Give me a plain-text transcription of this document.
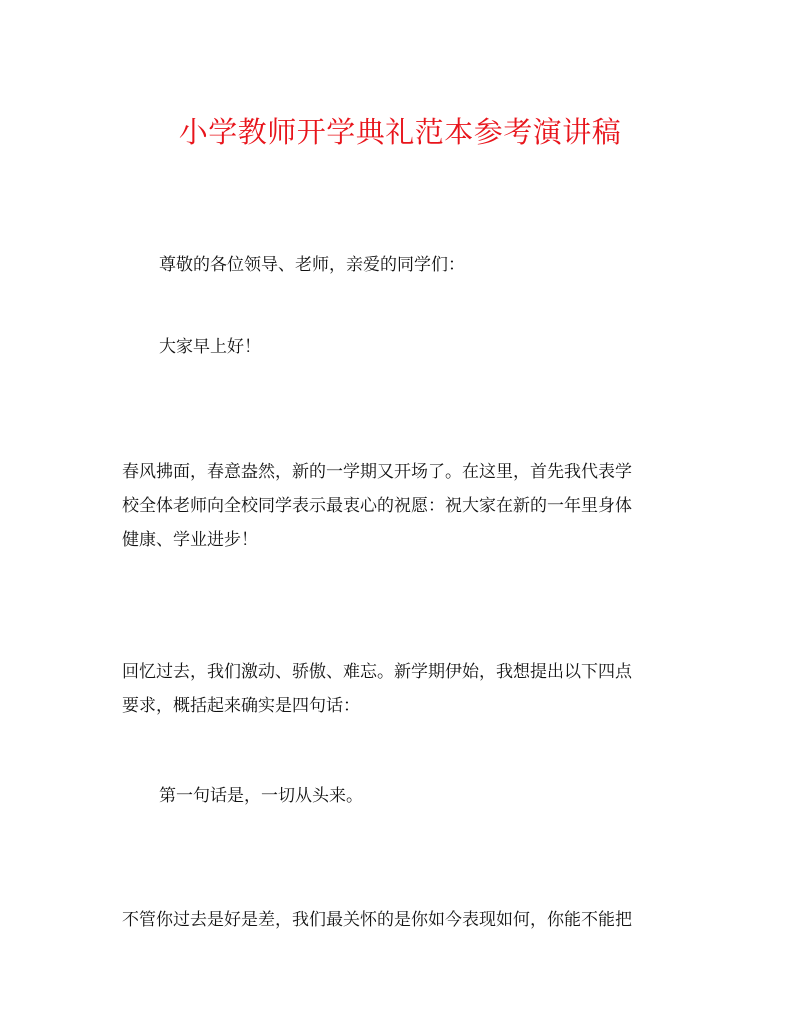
小学教师开学典礼范本参考演讲稿
尊敬的各位领导、老师，亲爱的同学们：
大家早上好！
春风拂面，春意盎然，新的一学期又开场了。在这里，首先我代表学
校全体老师向全校同学表示最衷心的祝愿：祝大家在新的一年里身体
健康、学业进步！
回忆过去，我们激动、骄傲、难忘。新学期伊始，我想提出以下四点
要求，概括起来确实是四句话：
第一句话是，一切从头来。
不管你过去是好是差，我们最关怀的是你如今表现如何，你能不能把
